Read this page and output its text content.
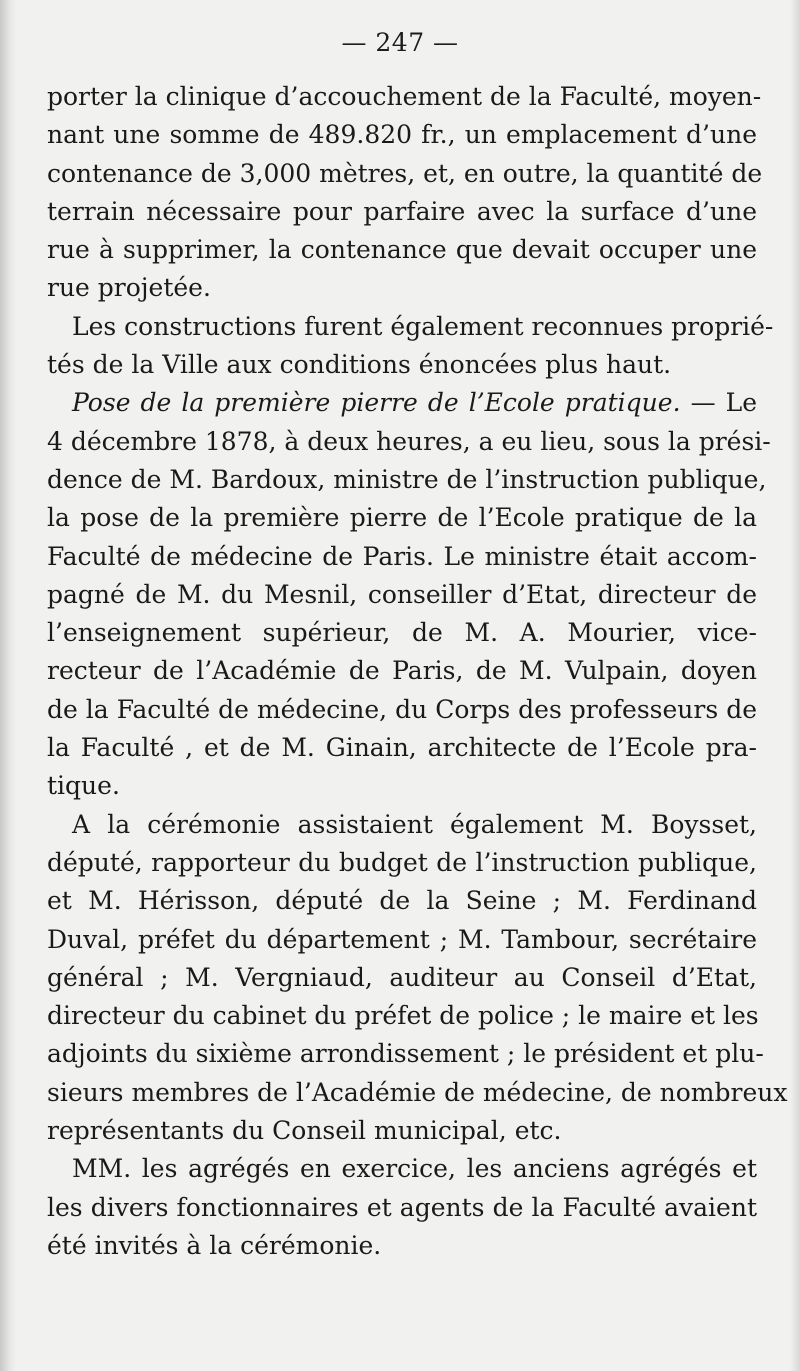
— 247 —
porter la clinique d’accouchement de la Faculté, moyen-
nant une somme de 489.820 fr., un emplacement d’une
contenance de 3,000 mètres, et, en outre, la quantité de
terrain nécessaire pour parfaire avec la surface d’une
rue à supprimer, la contenance que devait occuper une
rue projetée.
Les constructions furent également reconnues proprié-
tés de la Ville aux conditions énoncées plus haut.
Pose de la première pierre de l’Ecole pratique. — Le
4 décembre 1878, à deux heures, a eu lieu, sous la prési-
dence de M. Bardoux, ministre de l’instruction publique,
la pose de la première pierre de l’Ecole pratique de la
Faculté de médecine de Paris. Le ministre était accom-
pagné de M. du Mesnil, conseiller d’Etat, directeur de
l’enseignement supérieur, de M. A. Mourier, vice-
recteur de l’Académie de Paris, de M. Vulpain, doyen
de la Faculté de médecine, du Corps des professeurs de
la Faculté , et de M. Ginain, architecte de l’Ecole pra-
tique.
A la cérémonie assistaient également M. Boysset,
député, rapporteur du budget de l’instruction publique,
et M. Hérisson, député de la Seine ; M. Ferdinand
Duval, préfet du département ; M. Tambour, secrétaire
général ; M. Vergniaud, auditeur au Conseil d’Etat,
directeur du cabinet du préfet de police ; le maire et les
adjoints du sixième arrondissement ; le président et plu-
sieurs membres de l’Académie de médecine, de nombreux
représentants du Conseil municipal, etc.
MM. les agrégés en exercice, les anciens agrégés et
les divers fonctionnaires et agents de la Faculté avaient
été invités à la cérémonie.
